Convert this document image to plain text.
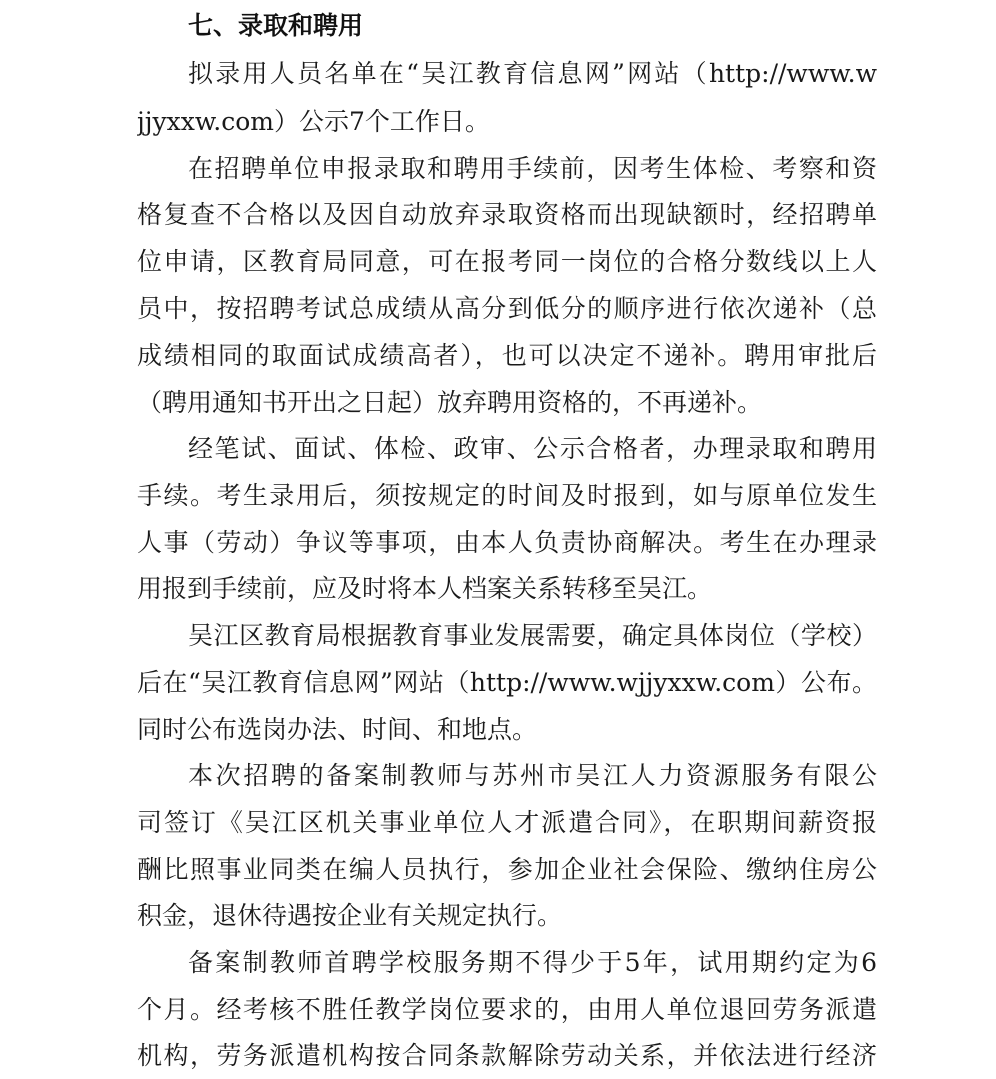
七、录取和聘用
拟录用人员名单在“吴江教育信息网”网站（http://www.w
jjyxxw.com）公示7个工作日。
在招聘单位申报录取和聘用手续前，因考生体检、考察和资
格复查不合格以及因自动放弃录取资格而出现缺额时，经招聘单
位申请，区教育局同意，可在报考同一岗位的合格分数线以上人
员中，按招聘考试总成绩从高分到低分的顺序进行依次递补（总
成绩相同的取面试成绩高者），也可以决定不递补。聘用审批后
（聘用通知书开出之日起）放弃聘用资格的，不再递补。
经笔试、面试、体检、政审、公示合格者，办理录取和聘用
手续。考生录用后，须按规定的时间及时报到，如与原单位发生
人事（劳动）争议等事项，由本人负责协商解决。考生在办理录
用报到手续前，应及时将本人档案关系转移至吴江。
吴江区教育局根据教育事业发展需要，确定具体岗位（学校）
后在“吴江教育信息网”网站（http://www.wjjyxxw.com）公布。
同时公布选岗办法、时间、和地点。
本次招聘的备案制教师与苏州市吴江人力资源服务有限公
司签订《吴江区机关事业单位人才派遣合同》，在职期间薪资报
酬比照事业同类在编人员执行，参加企业社会保险、缴纳住房公
积金，退休待遇按企业有关规定执行。
备案制教师首聘学校服务期不得少于5年，试用期约定为6
个月。经考核不胜任教学岗位要求的，由用人单位退回劳务派遣
机构，劳务派遣机构按合同条款解除劳动关系，并依法进行经济
